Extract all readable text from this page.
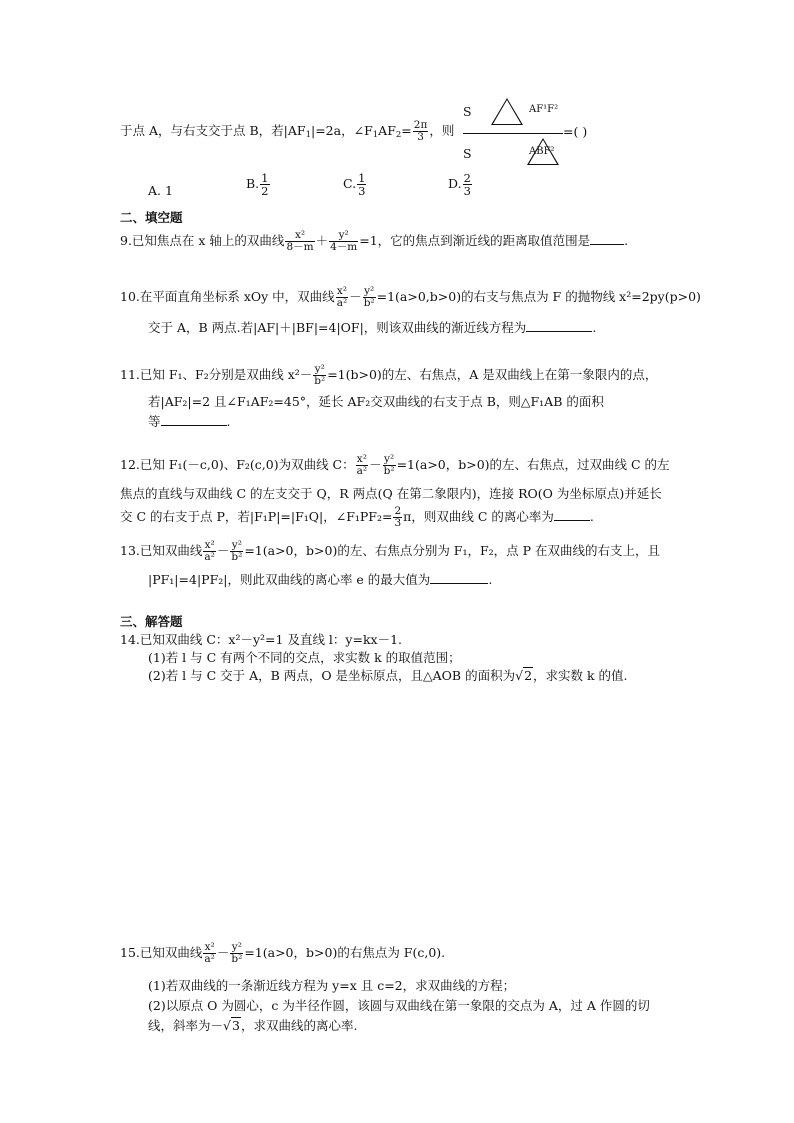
于点 A，与右支交于点 B，若$|AF_1|=2a$，$\angle F_1AF_2= \frac{2\pi}{3}$ ，则
S
	AF¹F²
S	ABF²
=( )
A. 1	B. $\frac{1}{2}$	C. $\frac{1}{3}$	D. $\frac{2}{3}$
二、填空题
9.已知焦点在 x 轴上的双曲线 $\frac{\text{x²}}{8-m} + \frac{\text{y²}}{4-m} =1$，它的焦点到渐近线的距离取值范围是	.
10.在平面直角坐标系 xOy 中，双曲线 $\frac{\text{x²}}{\text{a²}} - \frac{\text{y²}}{\text{b²}} =1(a>0,b>0)$的右支与焦点为 F 的抛物线 x²=2py(p>0)
交于 A，B 两点.若|AF|＋|BF|=4|OF|，则该双曲线的渐近线方程为	.
11.已知 F₁、F₂分别是双曲线 $x^2- \frac{\text{y²}}{\text{b²}} =1(b>0)$的左、右焦点，A 是双曲线上在第一象限内的点，
若|AF₂|=2 且∠F₁AF₂=45°，延长 AF₂交双曲线的右支于点 B，则△F₁AB 的面积
等	.
12.已知 F₁(－c,0)、F₂(c,0)为双曲线 C： $\frac{\text{x²}}{\text{a²}} - \frac{\text{y²}}{\text{b²}} =1(a>0$，b>0)的左、右焦点，过双曲线 C 的左
焦点的直线与双曲线 C 的左支交于 Q，R 两点(Q 在第二象限内)，连接 RO(O 为坐标原点)并延长
交 C 的右支于点 P，若|F₁P|=|F₁Q|，∠F₁PF₂= $\frac{2}{3}$ π，则双曲线 C 的离心率为	.
13.已知双曲线 $\frac{\text{x²}}{\text{a²}} - \frac{\text{y²}}{\text{b²}} =1(a>0$，b>0)的左、右焦点分别为 F₁，F₂，点 P 在双曲线的右支上，且
|PF₁|=4|PF₂|，则此双曲线的离心率 e 的最大值为	.
三、解答题
14.已知双曲线 C：x²－y²=1 及直线 l：y=kx－1.
(1)若 l 与 C 有两个不同的交点，求实数 k 的取值范围；
(2)若 l 与 C 交于 A，B 两点，O 是坐标原点，且△AOB 的面积为√2，求实数 k 的值.
15.已知双曲线 $\frac{\text{x²}}{\text{a²}} - \frac{\text{y²}}{\text{b²}} =1(a>0$，b>0)的右焦点为 F(c,0).
(1)若双曲线的一条渐近线方程为 y=x 且 c=2，求双曲线的方程；
(2)以原点 O 为圆心，c 为半径作圆，该圆与双曲线在第一象限的交点为 A，过 A 作圆的切
线，斜率为－√3，求双曲线的离心率.
